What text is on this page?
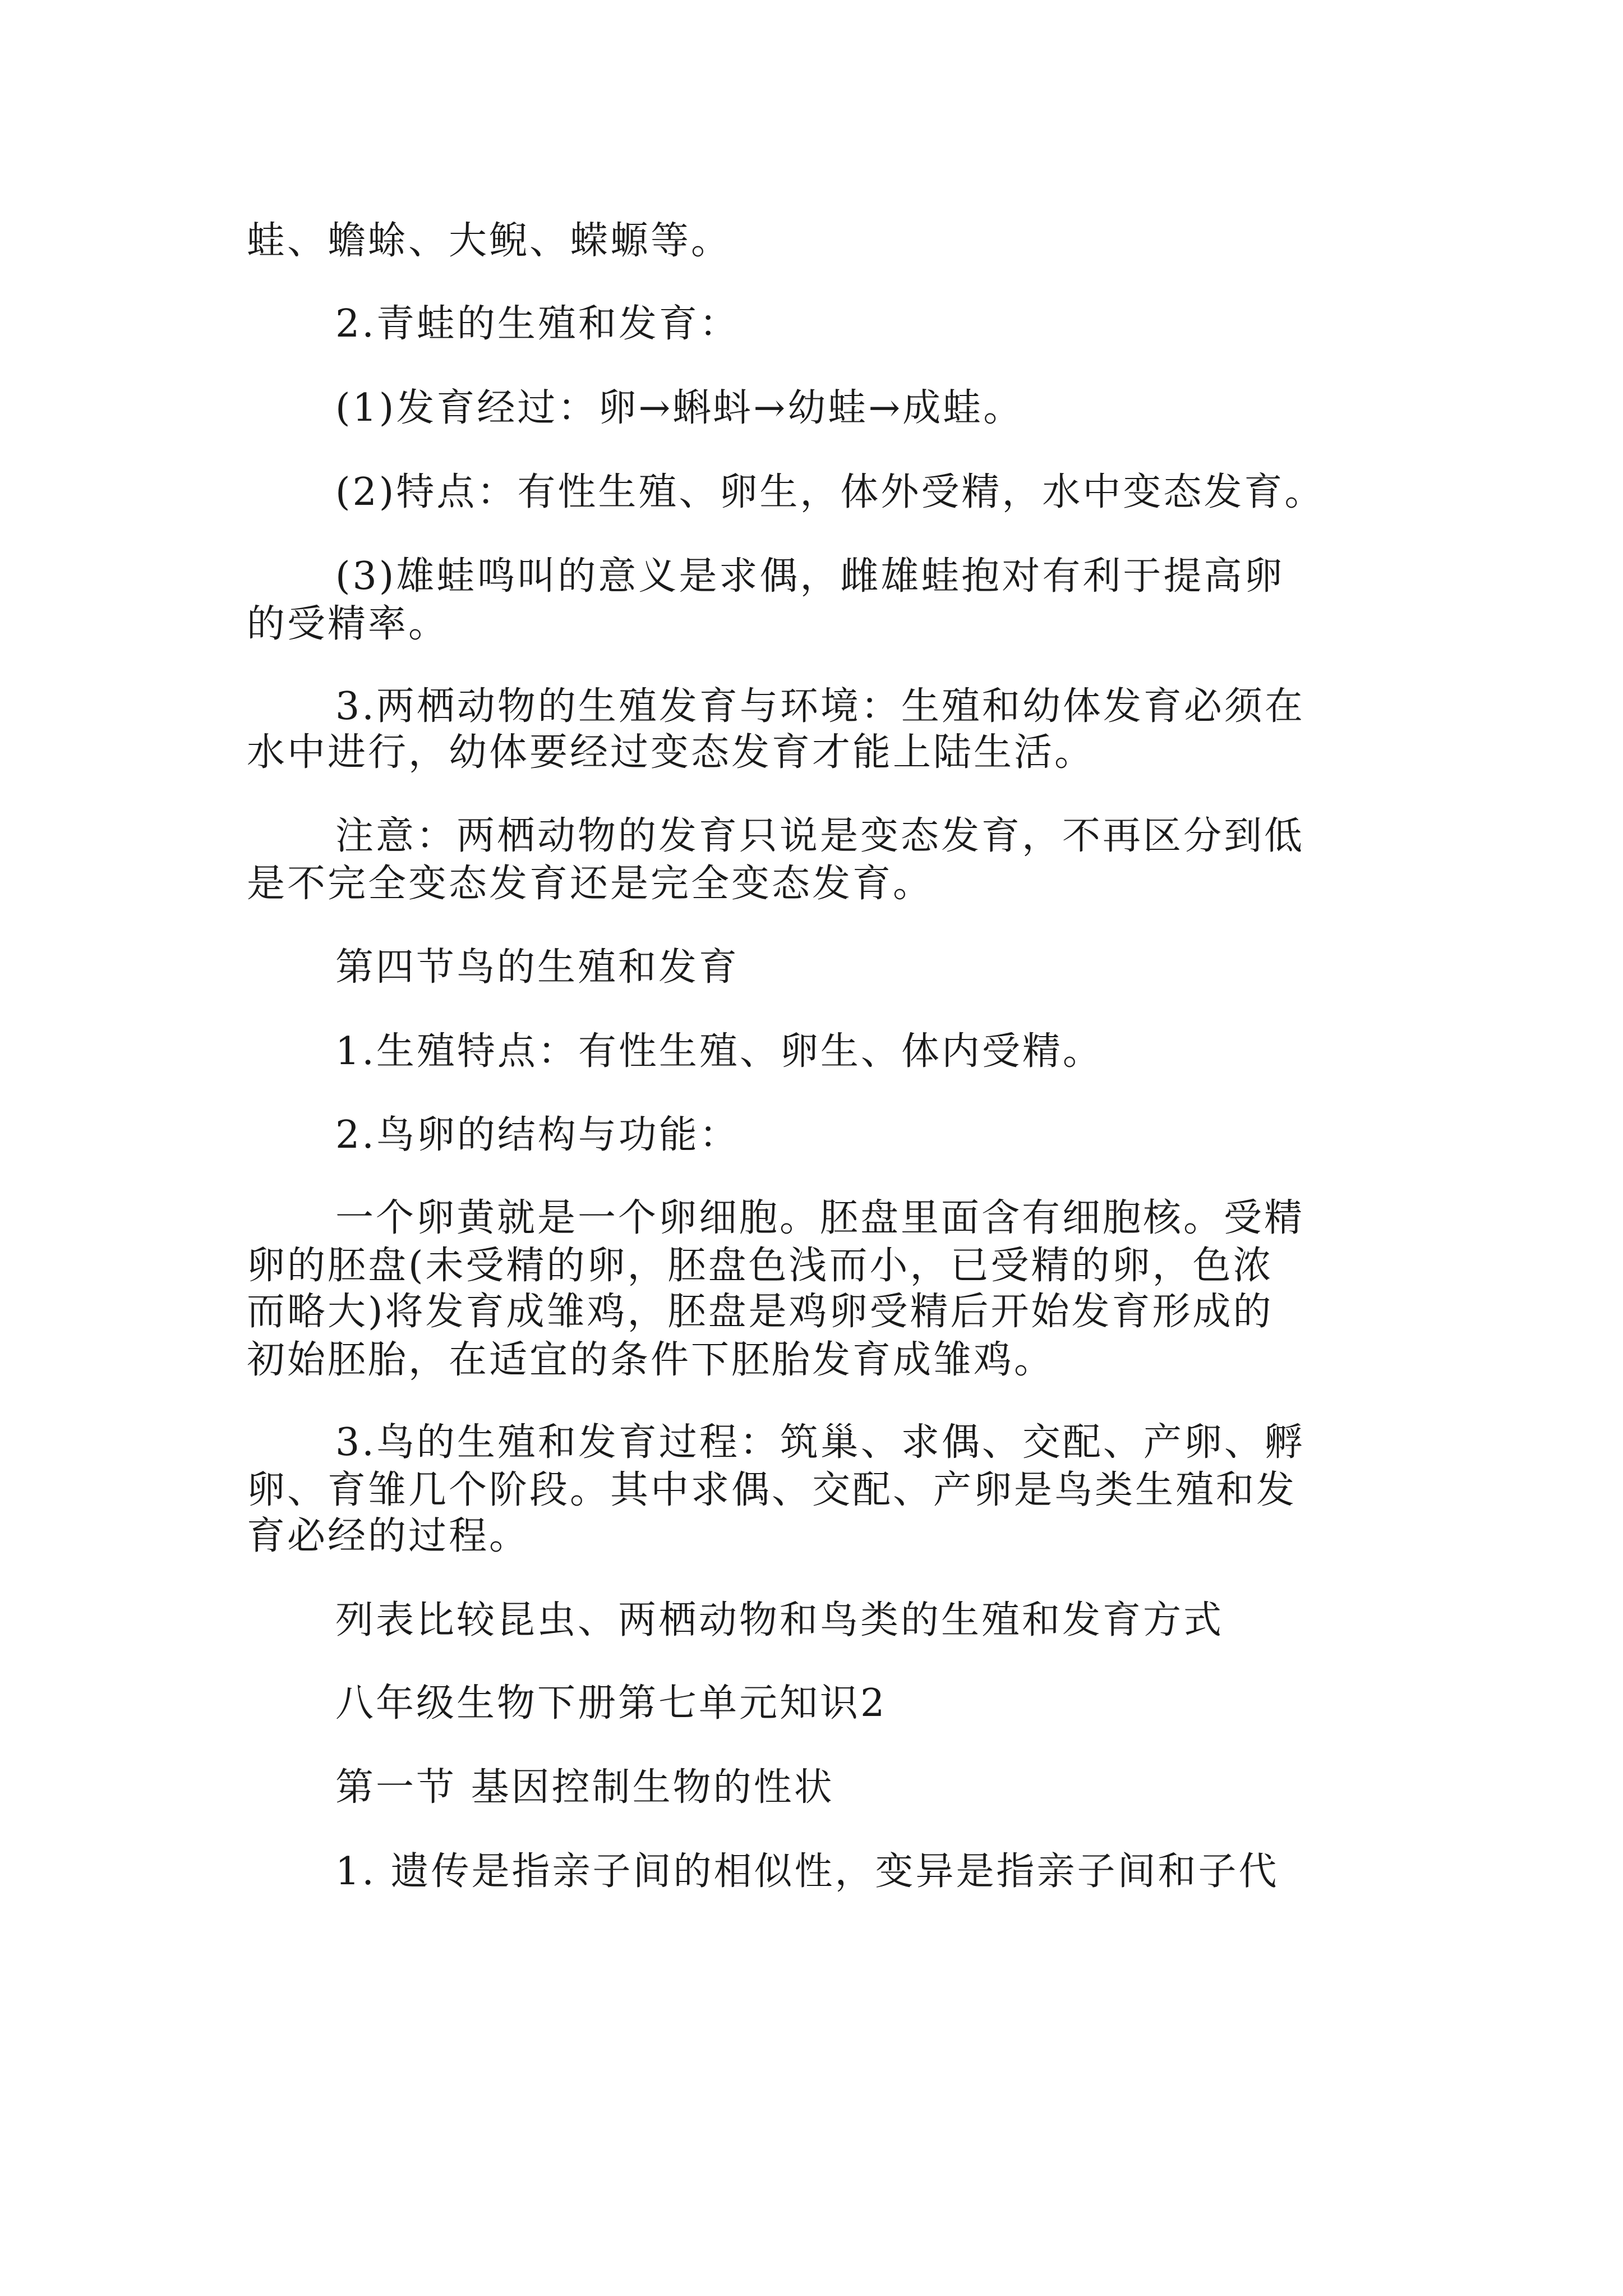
蛙、蟾蜍、大鲵、蝾螈等。
2.青蛙的生殖和发育：
(1)发育经过：卵→蝌蚪→幼蛙→成蛙。
(2)特点：有性生殖、卵生，体外受精，水中变态发育。
(3)雄蛙鸣叫的意义是求偶，雌雄蛙抱对有利于提高卵
的受精率。
3.两栖动物的生殖发育与环境：生殖和幼体发育必须在
水中进行，幼体要经过变态发育才能上陆生活。
注意：两栖动物的发育只说是变态发育，不再区分到低
是不完全变态发育还是完全变态发育。
第四节鸟的生殖和发育
1.生殖特点：有性生殖、卵生、体内受精。
2.鸟卵的结构与功能：
一个卵黄就是一个卵细胞。胚盘里面含有细胞核。受精
卵的胚盘(未受精的卵，胚盘色浅而小，已受精的卵，色浓
而略大)将发育成雏鸡，胚盘是鸡卵受精后开始发育形成的
初始胚胎，在适宜的条件下胚胎发育成雏鸡。
3.鸟的生殖和发育过程：筑巢、求偶、交配、产卵、孵
卵、育雏几个阶段。其中求偶、交配、产卵是鸟类生殖和发
育必经的过程。
列表比较昆虫、两栖动物和鸟类的生殖和发育方式
八年级生物下册第七单元知识2
第一节 基因控制生物的性状
1. 遗传是指亲子间的相似性，变异是指亲子间和子代
